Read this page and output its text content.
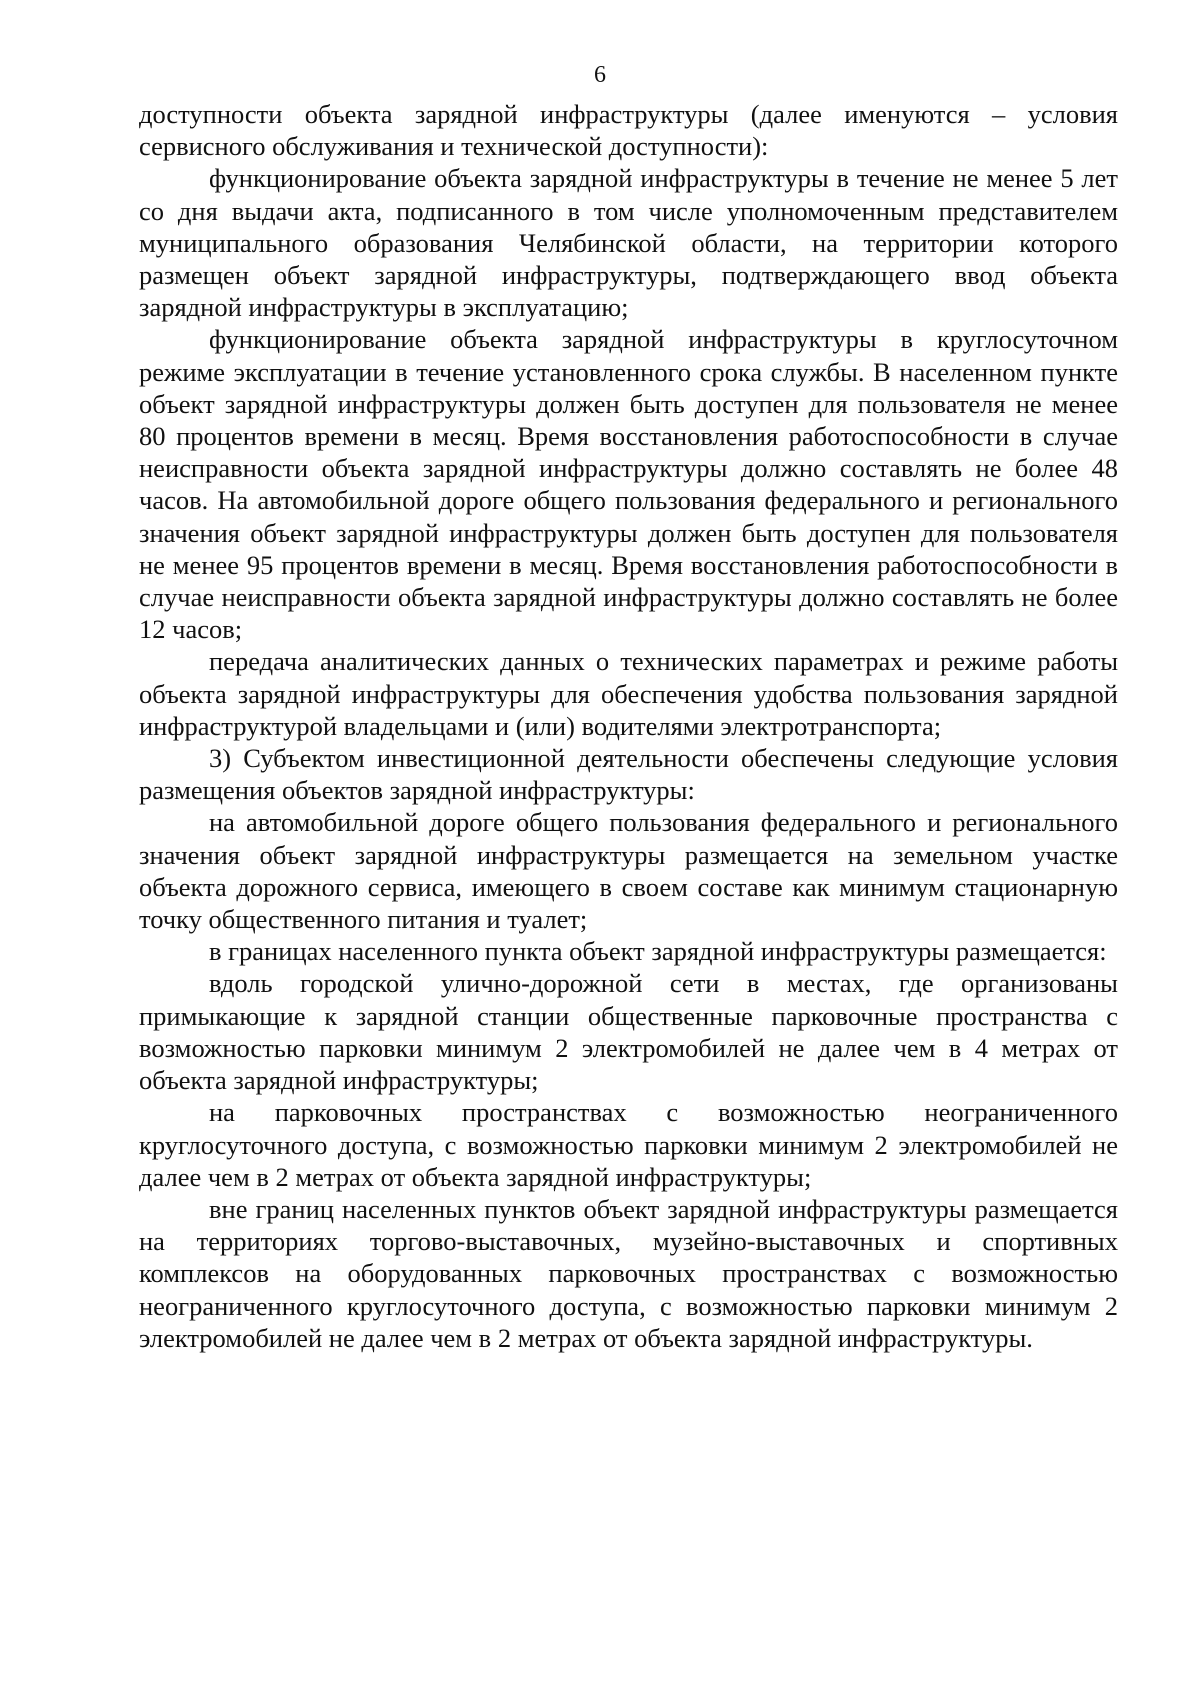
6

доступности объекта зарядной инфраструктуры (далее именуются – условия сервисного обслуживания и технической доступности):

функционирование объекта зарядной инфраструктуры в течение не менее 5 лет со дня выдачи акта, подписанного в том числе уполномоченным представителем муниципального образования Челябинской области, на территории которого размещен объект зарядной инфраструктуры, подтверждающего ввод объекта зарядной инфраструктуры в эксплуатацию;

функционирование объекта зарядной инфраструктуры в круглосуточном режиме эксплуатации в течение установленного срока службы. В населенном пункте объект зарядной инфраструктуры должен быть доступен для пользователя не менее 80 процентов времени в месяц. Время восстановления работоспособности в случае неисправности объекта зарядной инфраструктуры должно составлять не более 48 часов. На автомобильной дороге общего пользования федерального и регионального значения объект зарядной инфраструктуры должен быть доступен для пользователя не менее 95 процентов времени в месяц. Время восстановления работоспособности в случае неисправности объекта зарядной инфраструктуры должно составлять не более 12 часов;

передача аналитических данных о технических параметрах и режиме работы объекта зарядной инфраструктуры для обеспечения удобства пользования зарядной инфраструктурой владельцами и (или) водителями электротранспорта;

3) Субъектом инвестиционной деятельности обеспечены следующие условия размещения объектов зарядной инфраструктуры:

на автомобильной дороге общего пользования федерального и регионального значения объект зарядной инфраструктуры размещается на земельном участке объекта дорожного сервиса, имеющего в своем составе как минимум стационарную точку общественного питания и туалет;

в границах населенного пункта объект зарядной инфраструктуры размещается:

вдоль городской улично-дорожной сети в местах, где организованы примыкающие к зарядной станции общественные парковочные пространства с возможностью парковки минимум 2 электромобилей не далее чем в 4 метрах от объекта зарядной инфраструктуры;

на парковочных пространствах с возможностью неограниченного круглосуточного доступа, с возможностью парковки минимум 2 электромобилей не далее чем в 2 метрах от объекта зарядной инфраструктуры;

вне границ населенных пунктов объект зарядной инфраструктуры размещается на территориях торгово-выставочных, музейно-выставочных и спортивных комплексов на оборудованных парковочных пространствах с возможностью неограниченного круглосуточного доступа, с возможностью парковки минимум 2 электромобилей не далее чем в 2 метрах от объекта зарядной инфраструктуры.
